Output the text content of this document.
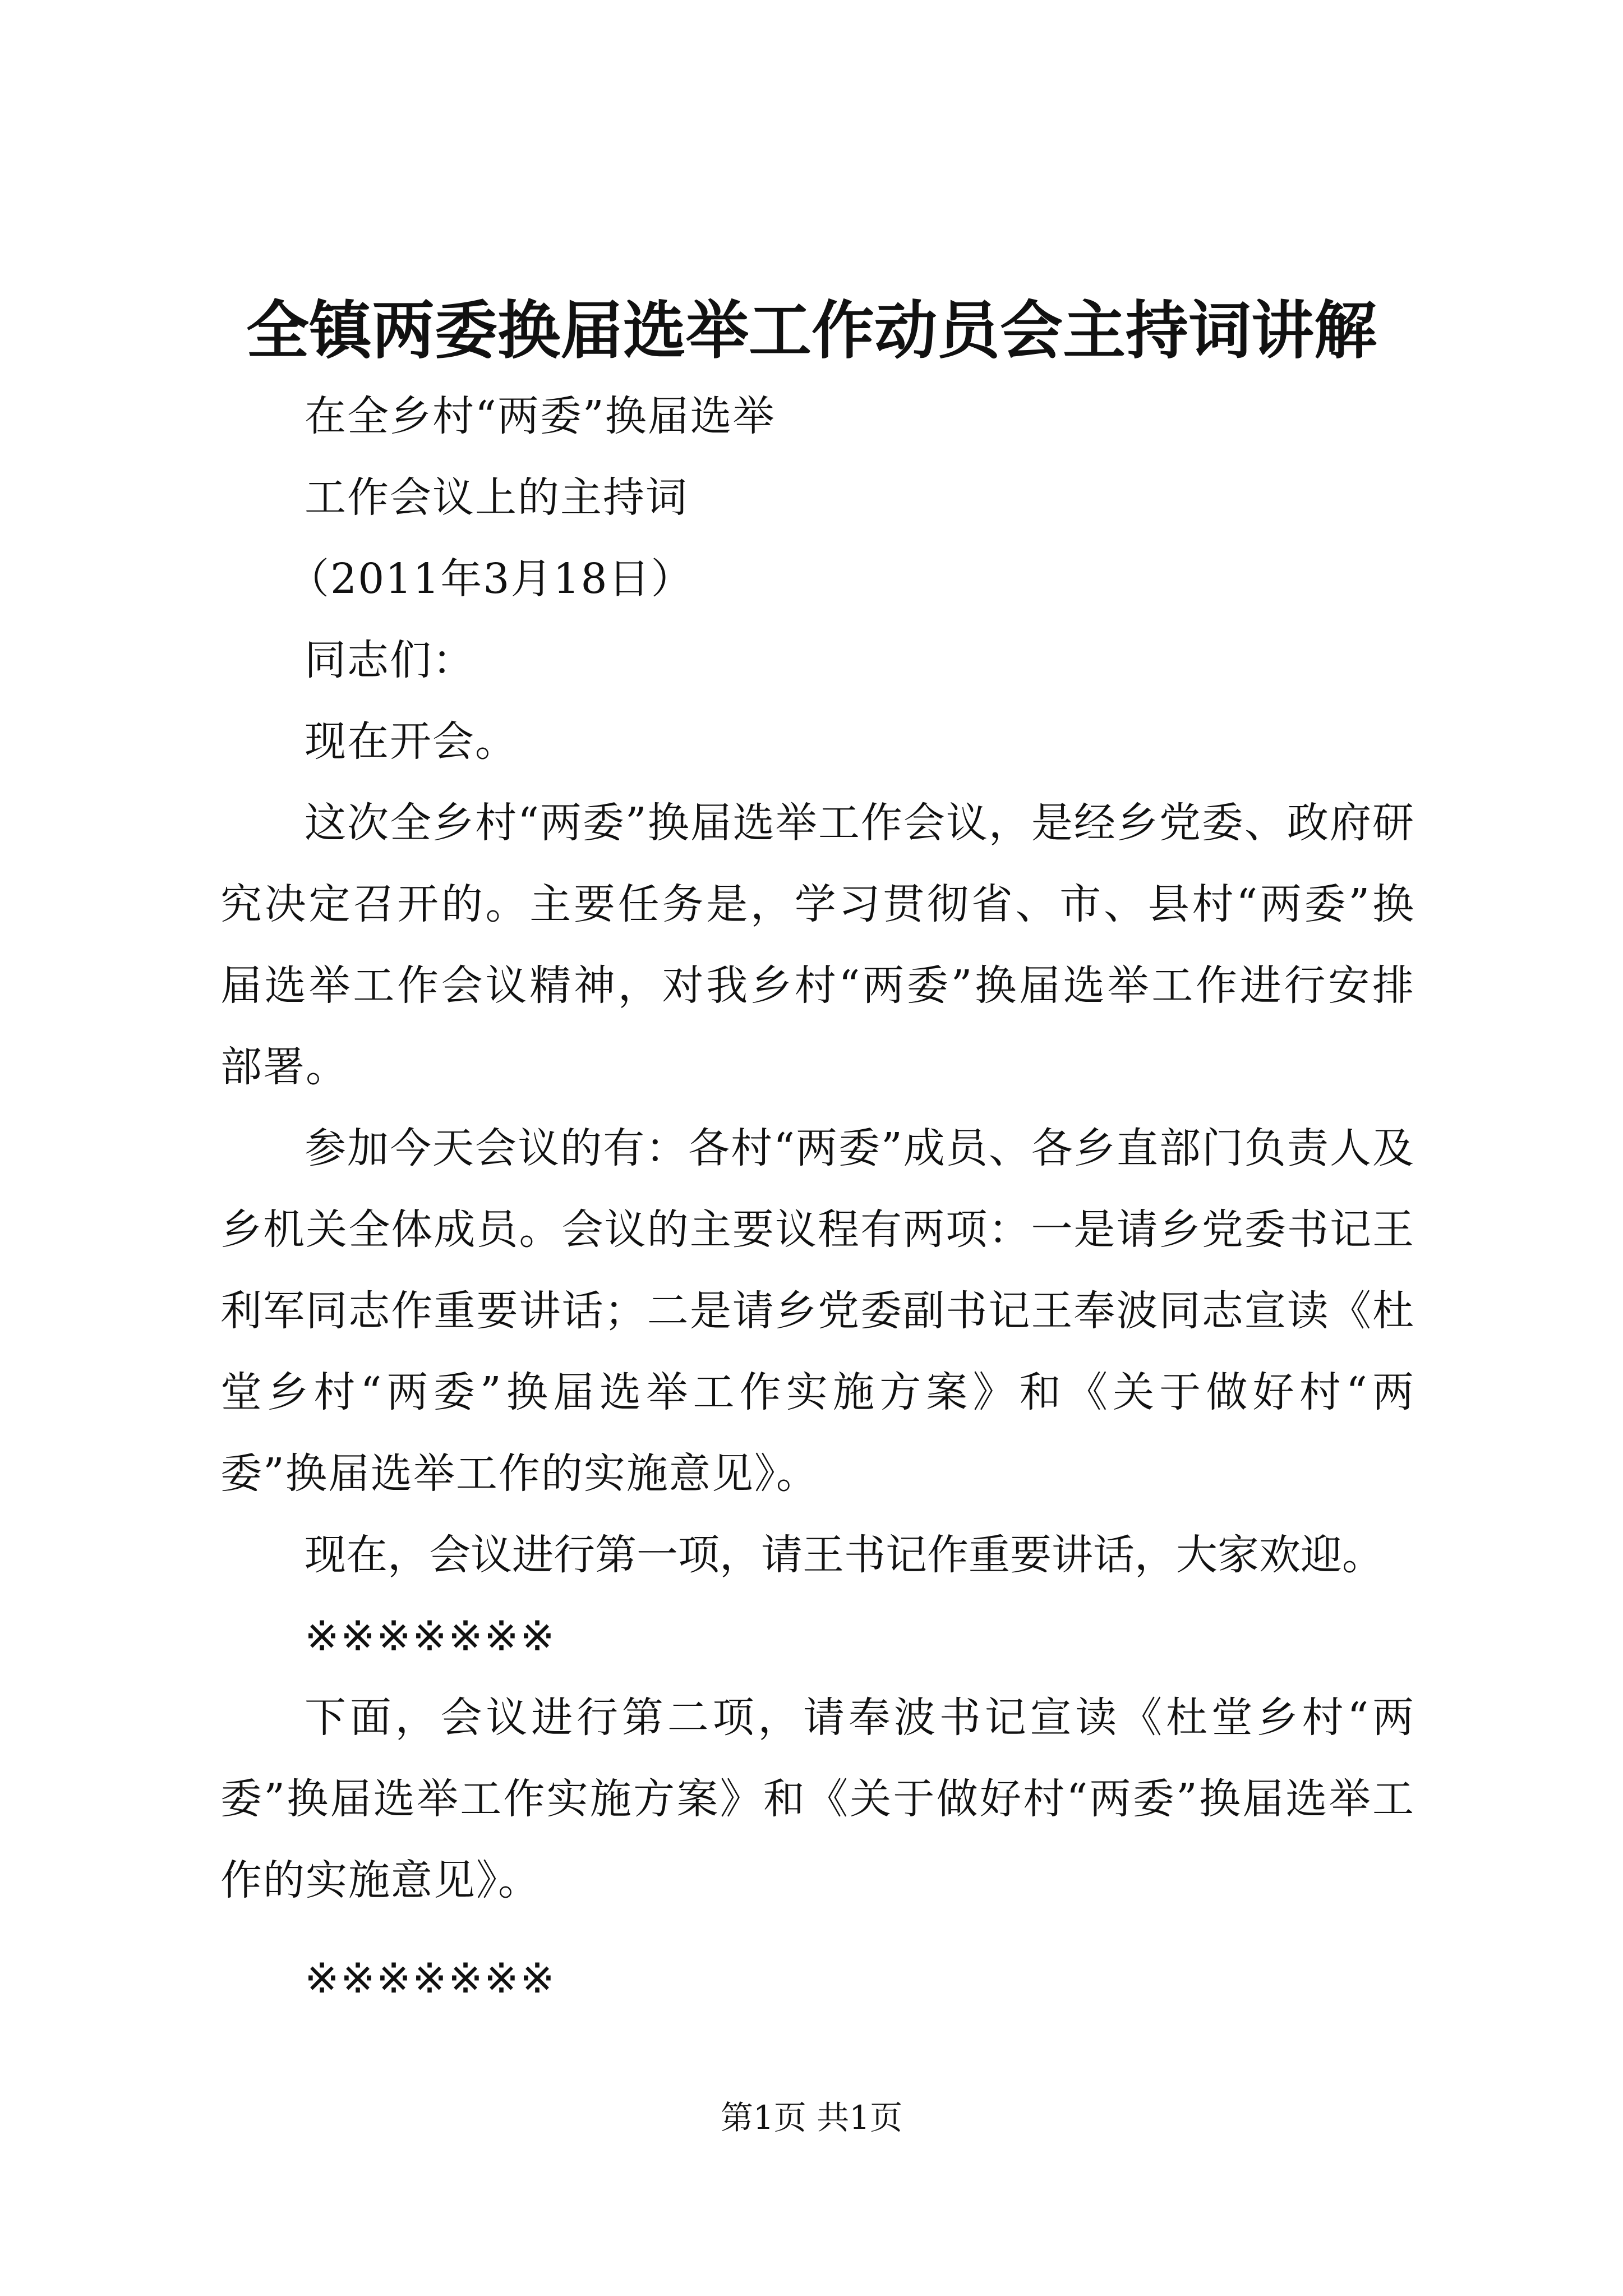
全镇两委换届选举工作动员会主持词讲解

在全乡村“两委”换届选举

工作会议上的主持词

（2011年3月18日）

同志们：

现在开会。

这次全乡村“两委”换届选举工作会议，是经乡党委、政府研究决定召开的。主要任务是，学习贯彻省、市、县村“两委”换届选举工作会议精神，对我乡村“两委”换届选举工作进行安排部署。

参加今天会议的有：各村“两委”成员、各乡直部门负责人及乡机关全体成员。会议的主要议程有两项：一是请乡党委书记王利军同志作重要讲话；二是请乡党委副书记王奉波同志宣读《杜堂乡村“两委”换届选举工作实施方案》和《关于做好村“两委”换届选举工作的实施意见》。

现在，会议进行第一项，请王书记作重要讲话，大家欢迎。

※※※※※※※

下面，会议进行第二项，请奉波书记宣读《杜堂乡村“两委”换届选举工作实施方案》和《关于做好村“两委”换届选举工作的实施意见》。

※※※※※※※

第1页 共1页
